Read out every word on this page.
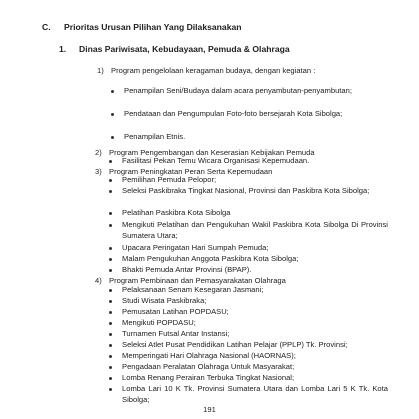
C. Prioritas Urusan Pilihan Yang Dilaksanakan
1. Dinas Pariwisata, Kebudayaan, Pemuda & Olahraga
1) Program pengelolaan keragaman budaya, dengan kegiatan :
Penampilan Seni/Budaya dalam acara penyambutan-penyambutan;
Pendataan dan Pengumpulan Foto-foto bersejarah Kota Sibolga;
Penampilan Etnis.
2) Program Pengembangan dan Keserasian Kebijakan Pemuda
Fasilitasi Pekan Temu Wicara Organisasi Kepemudaan.
3) Program Peningkatan Peran Serta Kepemudaan
Pemilihan Pemuda Pelopor;
Seleksi Paskibraka Tingkat Nasional, Provinsi dan Paskibra Kota Sibolga;
Pelatihan Paskibra Kota Sibolga
Mengikuti Pelatihan dan Pengukuhan Wakil Paskibra Kota Sibolga Di Provinsi Sumatera Utara;
Upacara Peringatan Hari Sumpah Pemuda;
Malam Pengukuhan Anggota Paskibra Kota Sibolga;
Bhakti Pemuda Antar Provinsi (BPAP).
4) Program Pembinaan dan Pemasyarakatan Olahraga
Pelaksanaan Senam Kesegaran Jasmani;
Studi Wisata Paskibraka;
Pemusatan Latihan POPDASU;
Mengikuti POPDASU;
Turnamen Futsal Antar Instansi;
Seleksi Atlet Pusat Pendidikan Latihan Pelajar (PPLP) Tk. Provinsi;
Memperingati Hari Olahraga Nasional (HAORNAS);
Pengadaan Peralatan Olahraga Untuk Masyarakat;
Lomba Renang Perairan Terbuka Tingkat Nasional;
Lomba Lari 10 K Tk. Provinsi Sumatera Utara dan Lomba Lari 5 K Tk. Kota Sibolga;
191
